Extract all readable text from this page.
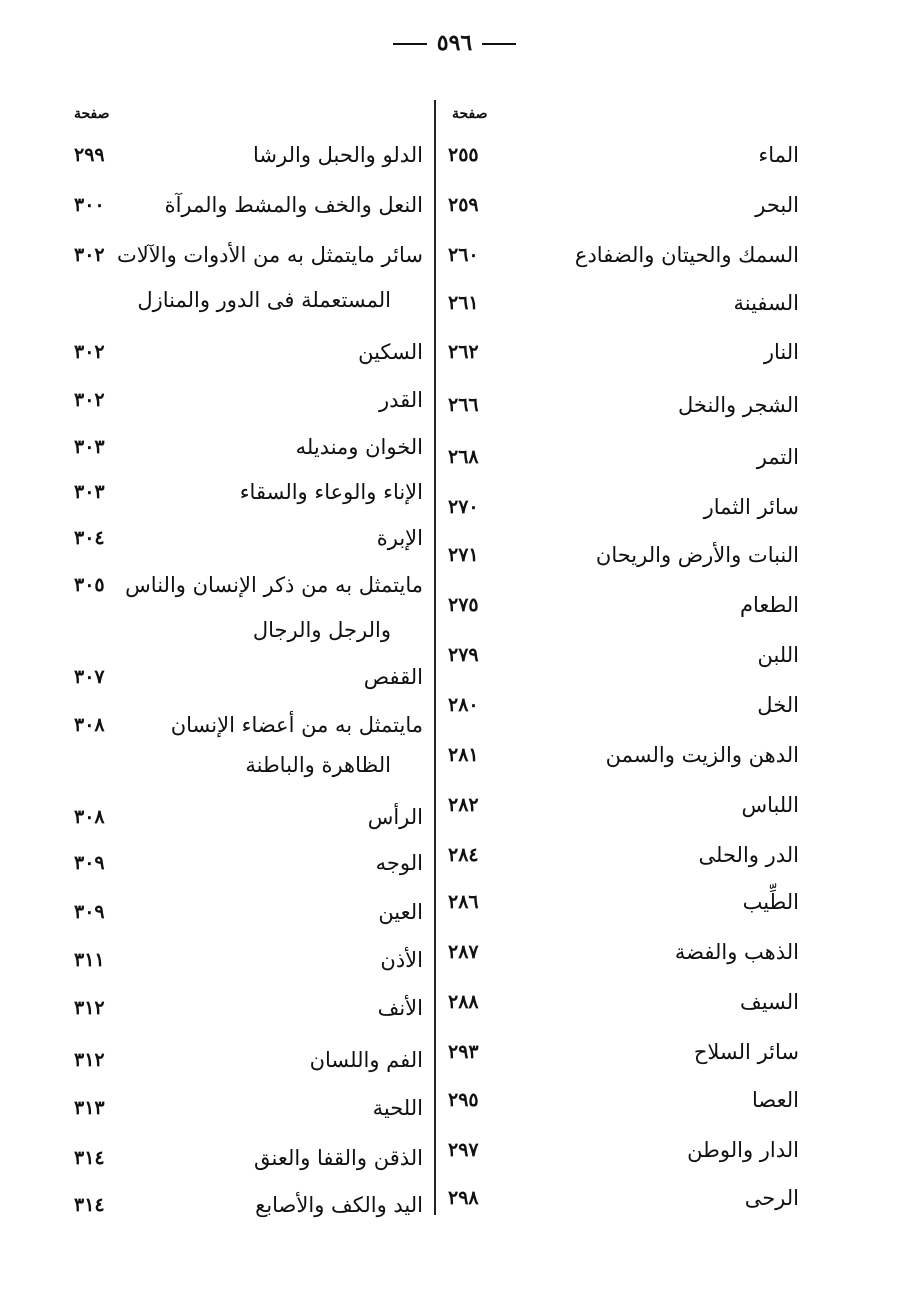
٥٩٦
صفحة
صفحة
الماء
٢٥٥
البحر
٢٥٩
السمك والحيتان والضفادع
٢٦٠
السفينة
٢٦١
النار
٢٦٢
الشجر والنخل
٢٦٦
التمر
٢٦٨
سائر الثمار
٢٧٠
النبات والأرض والريحان
٢٧١
الطعام
٢٧٥
اللبن
٢٧٩
الخل
٢٨٠
الدهن والزيت والسمن
٢٨١
اللباس
٢٨٢
الدر والحلى
٢٨٤
الطِّيب
٢٨٦
الذهب والفضة
٢٨٧
السيف
٢٨٨
سائر السلاح
٢٩٣
العصا
٢٩٥
الدار والوطن
٢٩٧
الرحى
٢٩٨
الدلو والحبل والرشا
٢٩٩
النعل والخف والمشط والمرآة
٣٠٠
سائر مايتمثل به من الأدوات والآلات
٣٠٢
المستعملة فى الدور والمنازل
السكين
٣٠٢
القدر
٣٠٢
الخوان ومنديله
٣٠٣
الإناء والوعاء والسقاء
٣٠٣
الإبرة
٣٠٤
مايتمثل به من ذكر الإنسان والناس
٣٠٥
والرجل والرجال
القفص
٣٠٧
مايتمثل به من أعضاء الإنسان
٣٠٨
الظاهرة والباطنة
الرأس
٣٠٨
الوجه
٣٠٩
العين
٣٠٩
الأذن
٣١١
الأنف
٣١٢
الفم واللسان
٣١٢
اللحية
٣١٣
الذقن والقفا والعنق
٣١٤
اليد والكف والأصابع
٣١٤
